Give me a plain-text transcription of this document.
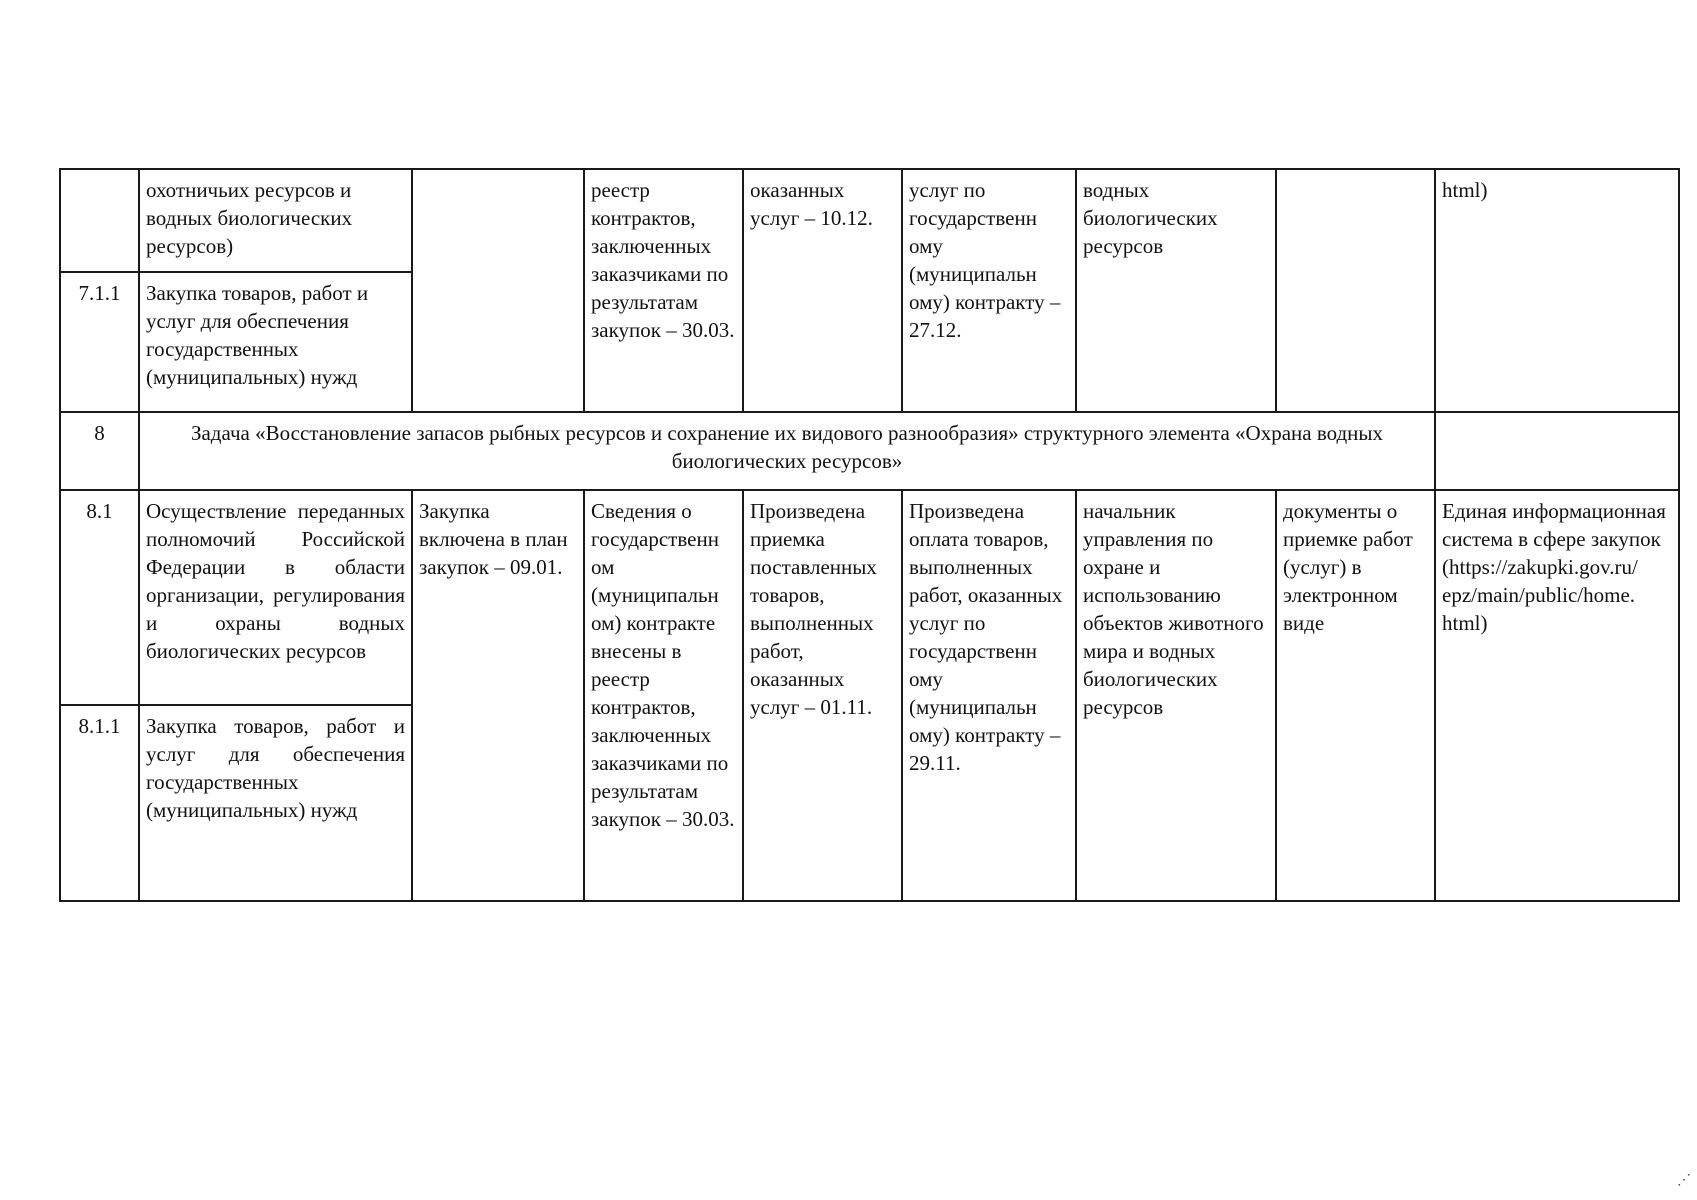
	охотничьих ресурсов и водных биологических ресурсов)		реестр контрактов, заключенных заказчиками по результатам закупок – 30.03.	оказанных услуг – 10.12.	услуг по государственн ому (муниципальн ому) контракту – 27.12.	водных биологических ресурсов		html)
7.1.1	Закупка товаров, работ и услуг для обеспечения государственных (муниципальных) нужд							
8	Задача «Восстановление запасов рыбных ресурсов и сохранение их видового разнообразия» структурного элемента «Охрана водных биологических ресурсов»							
8.1	Осуществление переданных полномочий Российской Федерации в области организации, регулирования и охраны водных биологических ресурсов	Закупка включена в план закупок – 09.01.	Сведения о государственн ом (муниципальн ом) контракте внесены в реестр контрактов, заключенных заказчиками по результатам закупок – 30.03.	Произведена приемка поставленных товаров, выполненных работ, оказанных услуг – 01.11.	Произведена оплата товаров, выполненных работ, оказанных услуг по государственн ому (муниципальн ому) контракту – 29.11.	начальник управления по охране и использованию объектов животного мира и водных биологических ресурсов	документы о приемке работ (услуг) в электронном виде	Единая информационная система в сфере закупок (https://zakupki.gov.ru/ epz/main/public/home. html)
8.1.1	Закупка товаров, работ и услуг для обеспечения государственных (муниципальных) нужд							
⋰
